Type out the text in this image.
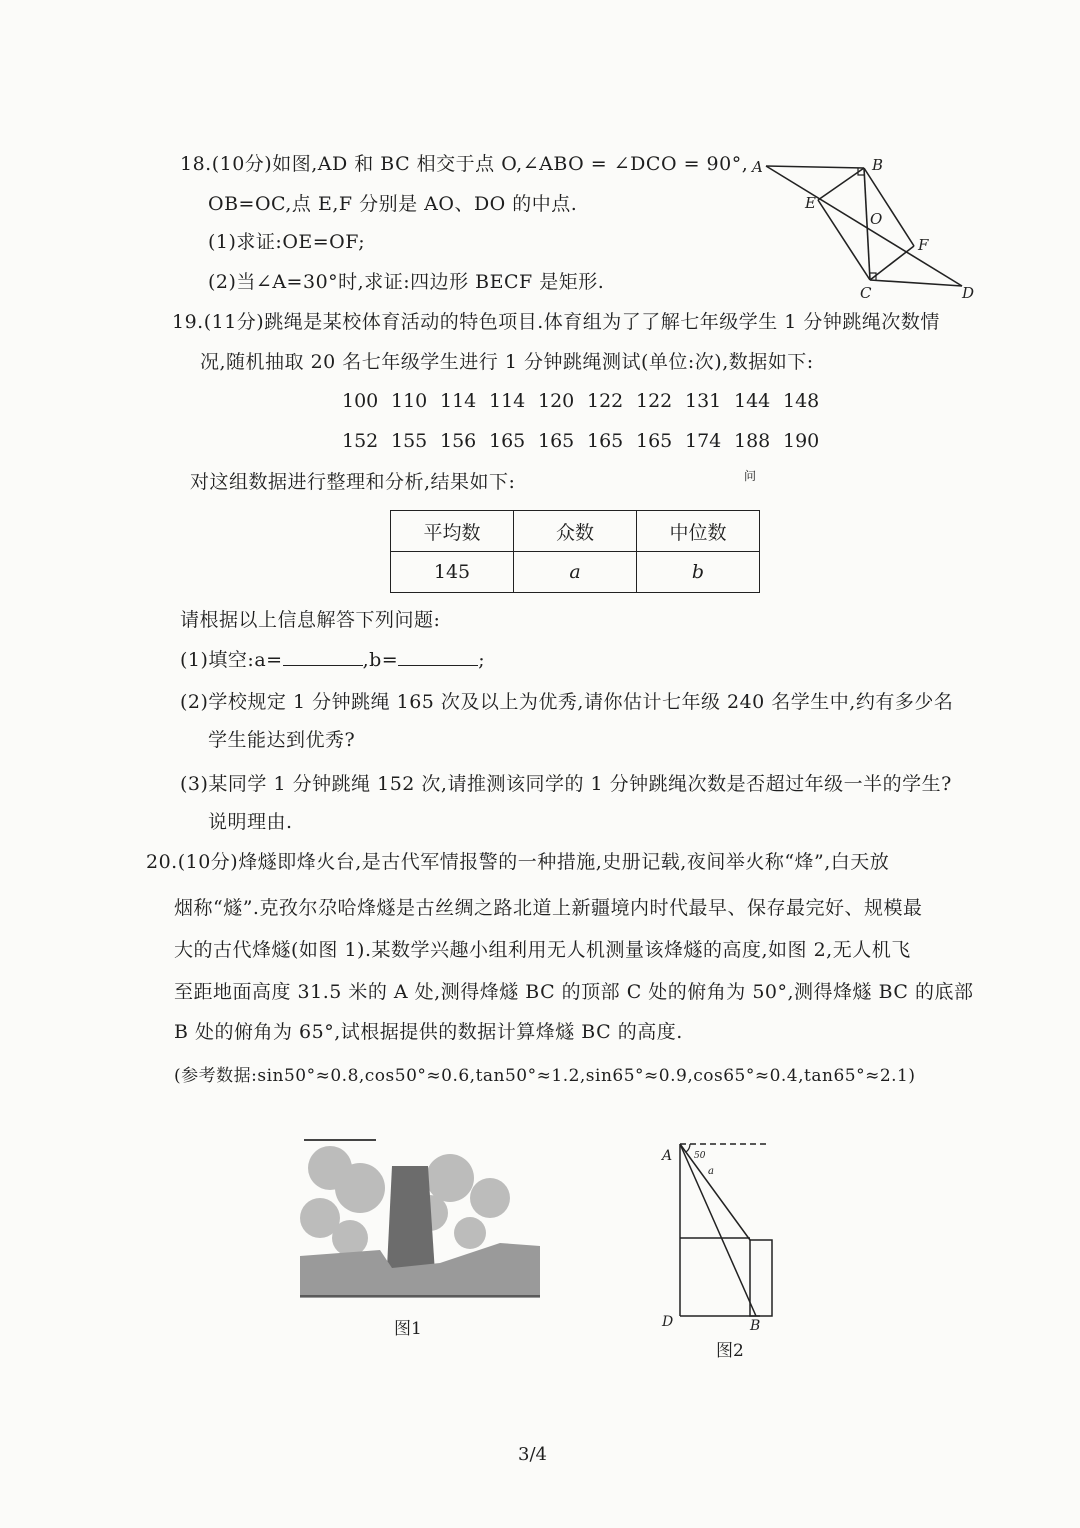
18.(10分)如图,AD 和 BC 相交于点 O,∠ABO = ∠DCO = 90°,
OB=OC,点 E,F 分别是 AO、DO 的中点.
(1)求证:OE=OF;
(2)当∠A=30°时,求证:四边形 BECF 是矩形.
A	B
C	D
E
F
O
19.(11分)跳绳是某校体育活动的特色项目.体育组为了了解七年级学生 1 分钟跳绳次数情
况,随机抽取 20 名七年级学生进行 1 分钟跳绳测试(单位:次),数据如下:
100 110 114 114 120 122 122 131 144 148
152 155 156 165 165 165 165 174 188 190
问
对这组数据进行整理和分析,结果如下:
平均数	众数	中位数
145	a	b
请根据以上信息解答下列问题:
(1)填空:a=	,b=	;
(2)学校规定 1 分钟跳绳 165 次及以上为优秀,请你估计七年级 240 名学生中,约有多少名
学生能达到优秀?
(3)某同学 1 分钟跳绳 152 次,请推测该同学的 1 分钟跳绳次数是否超过年级一半的学生?
说明理由.
20.(10分)烽燧即烽火台,是古代军情报警的一种措施,史册记载,夜间举火称“烽”,白天放
烟称“燧”.克孜尔尕哈烽燧是古丝绸之路北道上新疆境内时代最早、保存最完好、规模最
大的古代烽燧(如图 1).某数学兴趣小组利用无人机测量该烽燧的高度,如图 2,无人机飞
至距地面高度 31.5 米的 A 处,测得烽燧 BC 的顶部 C 处的俯角为 50°,测得烽燧 BC 的底部
B 处的俯角为 65°,试根据提供的数据计算烽燧 BC 的高度.
(参考数据:sin50°≈0.8,cos50°≈0.6,tan50°≈1.2,sin65°≈0.9,cos65°≈0.4,tan65°≈2.1)
图1
A 50
a
D	B
图2
3/4
